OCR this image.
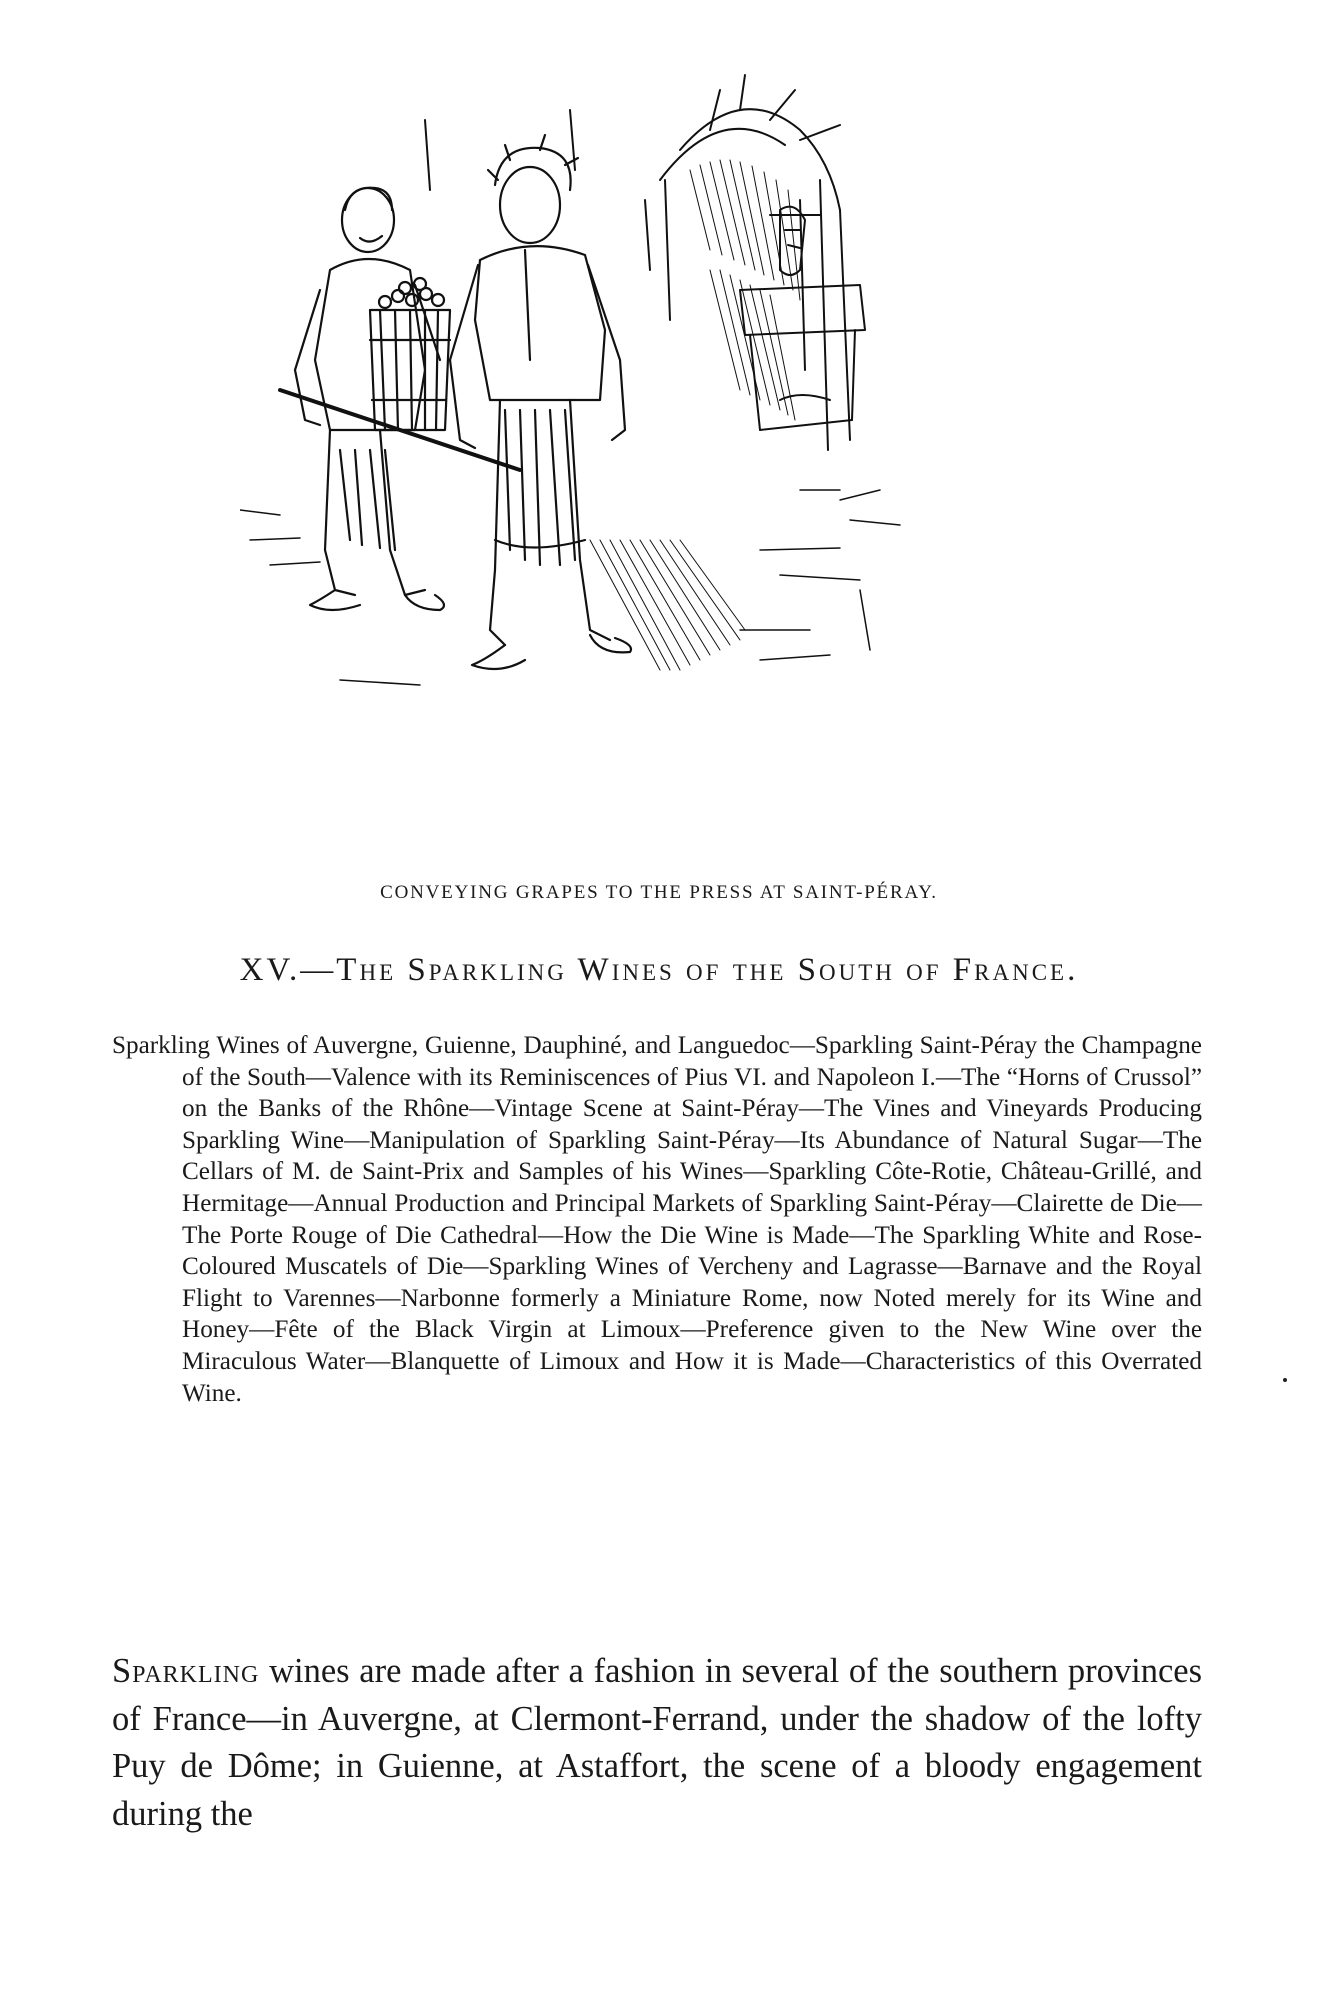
CONVEYING GRAPES TO THE PRESS AT SAINT-PÉRAY.
XV.—The Sparkling Wines of the South of France.
Sparkling Wines of Auvergne, Guienne, Dauphiné, and Languedoc—Sparkling Saint-Péray the Champagne of the South—Valence with its Reminiscences of Pius VI. and Napoleon I.—The “Horns of Crussol” on the Banks of the Rhône—Vintage Scene at Saint-Péray—The Vines and Vineyards Producing Sparkling Wine—Manipulation of Sparkling Saint-Péray—Its Abundance of Natural Sugar—The Cellars of M. de Saint-Prix and Samples of his Wines—Sparkling Côte-Rotie, Château-Grillé, and Hermitage—Annual Production and Principal Markets of Sparkling Saint-Péray—Clairette de Die—The Porte Rouge of Die Cathedral—How the Die Wine is Made—The Sparkling White and Rose-Coloured Muscatels of Die—Sparkling Wines of Vercheny and Lagrasse—Barnave and the Royal Flight to Varennes—Narbonne formerly a Miniature Rome, now Noted merely for its Wine and Honey—Fête of the Black Virgin at Limoux—Preference given to the New Wine over the Miraculous Water—Blanquette of Limoux and How it is Made—Characteristics of this Overrated Wine.
Sparkling wines are made after a fashion in several of the southern provinces of France—in Auvergne, at Clermont-Ferrand, under the shadow of the lofty Puy de Dôme; in Guienne, at Astaffort, the scene of a bloody engagement during the
